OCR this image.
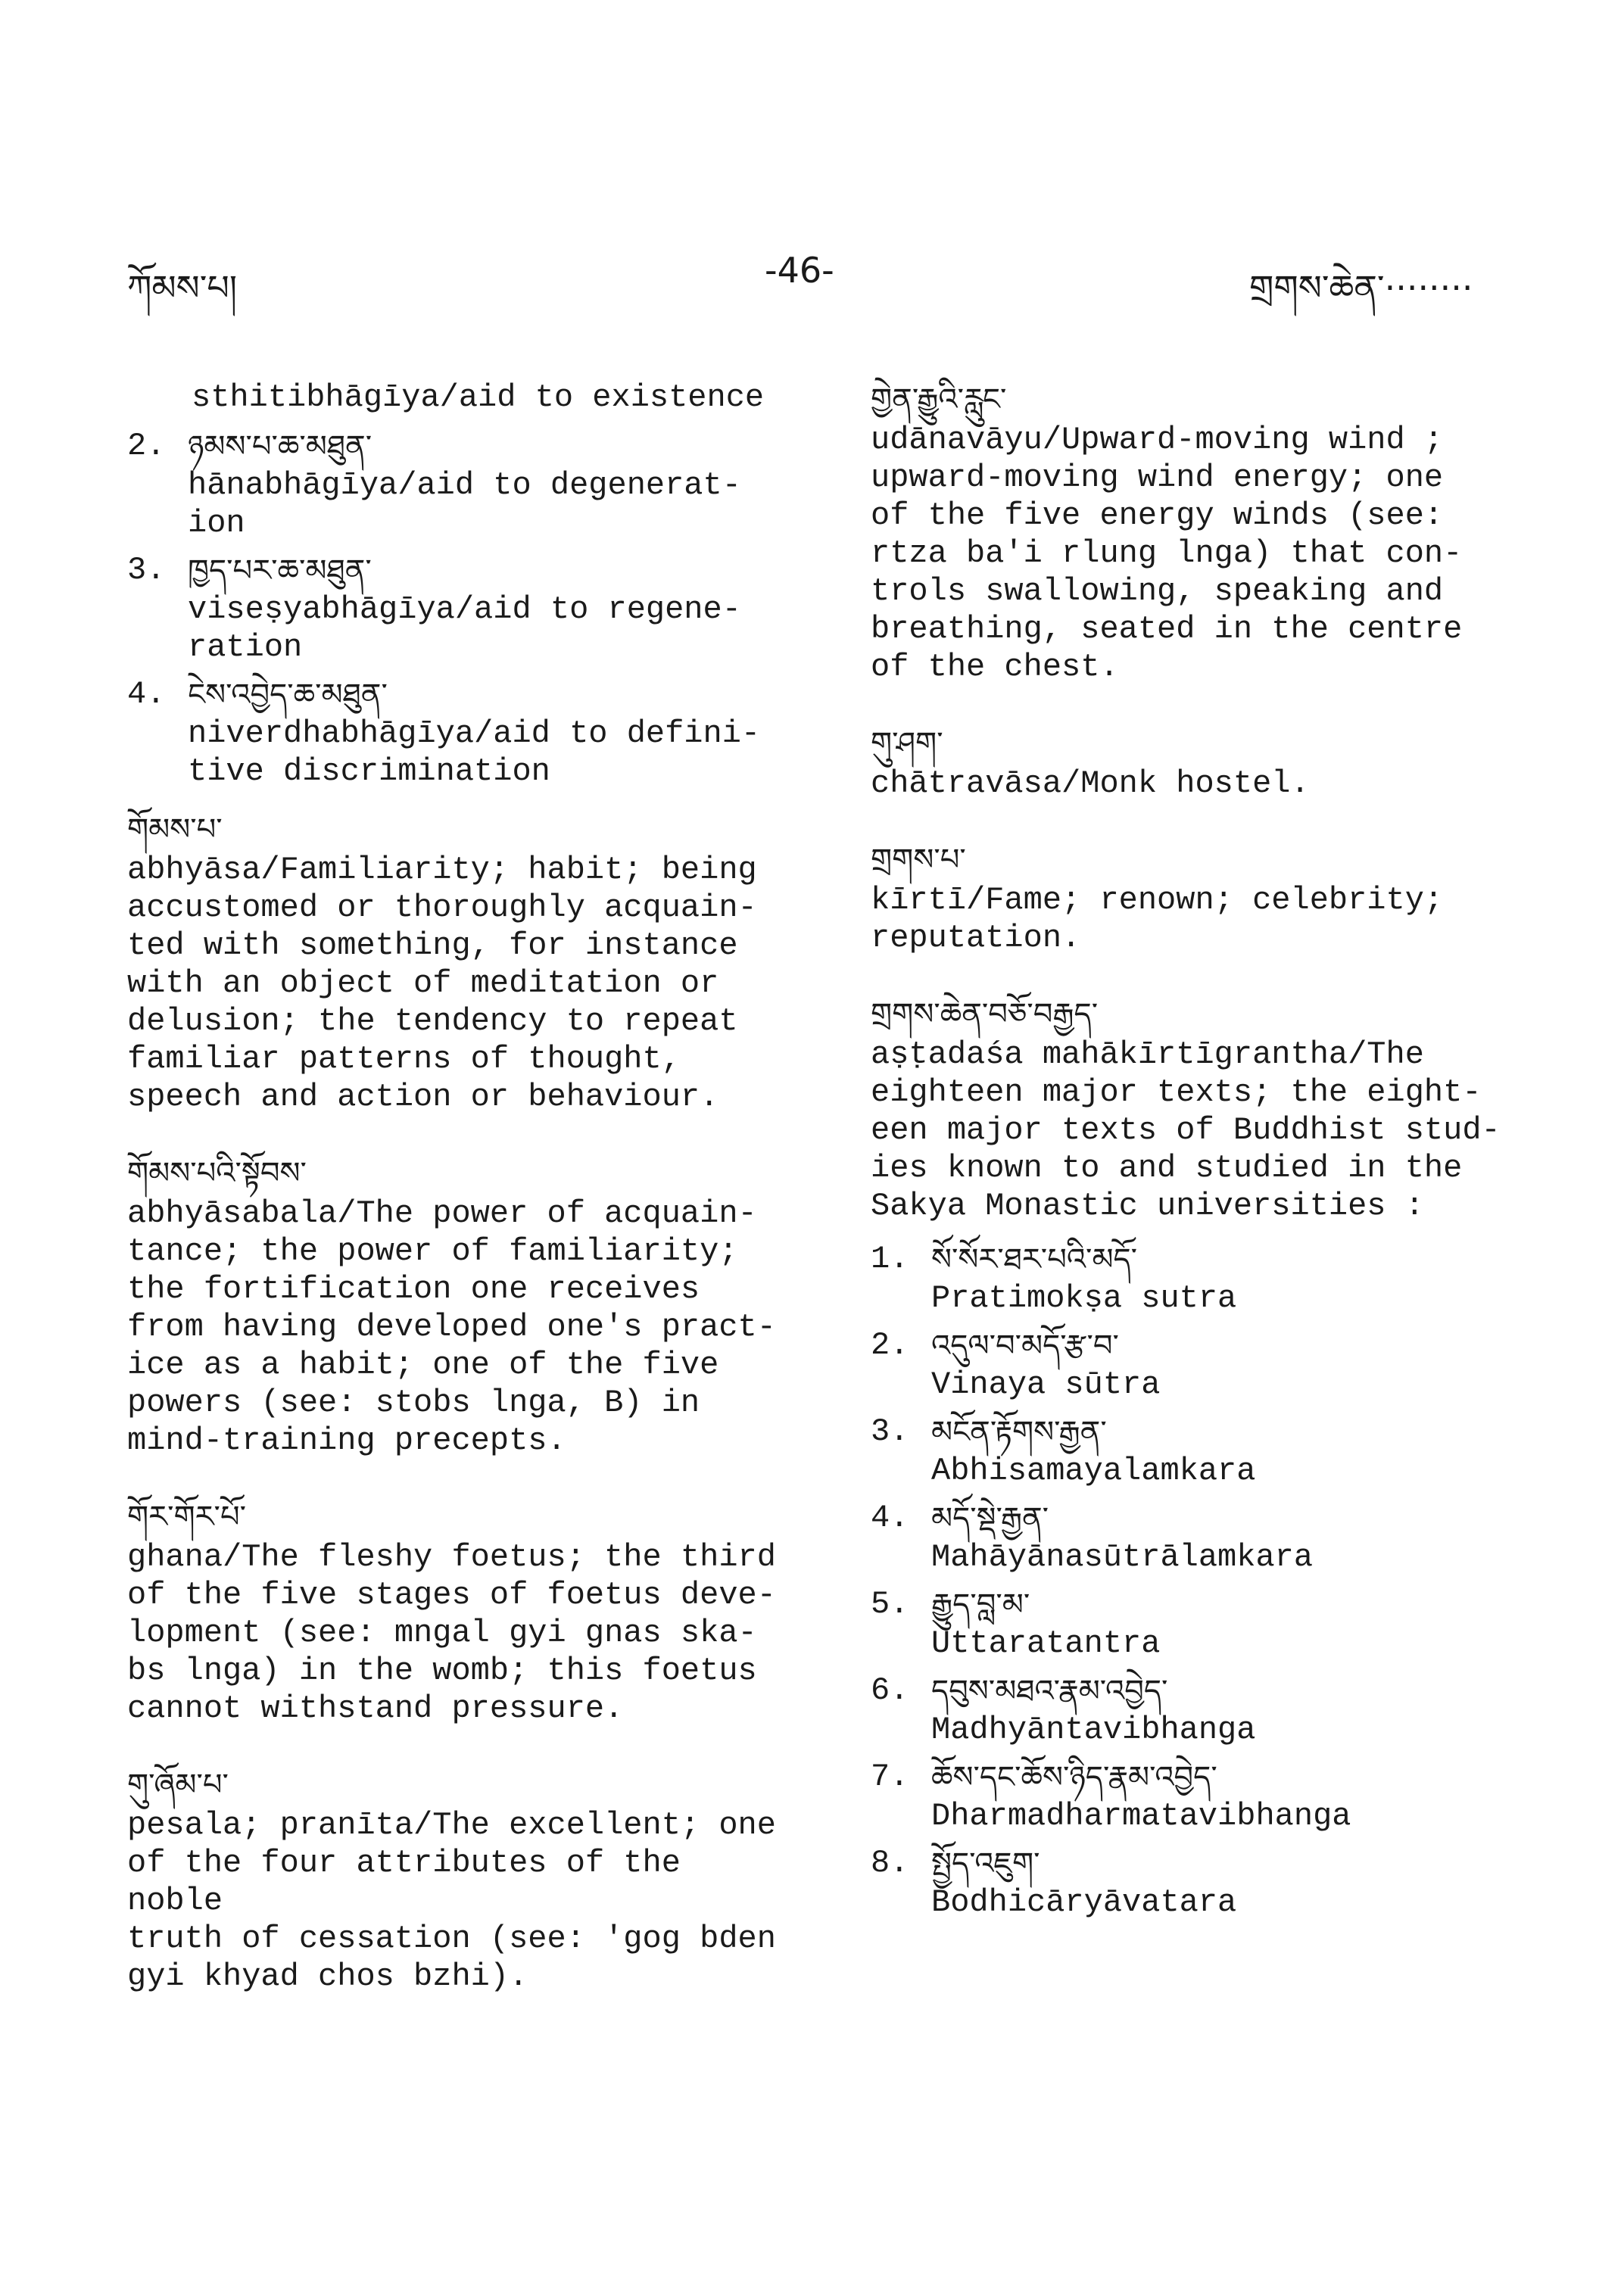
ཀོམས་པ།	-46-	གྲགས་ཆེན་········
sthitibhāgīya/aid to existence
2. ཉམས་པ་ཆ་མཐུན་
hānabhāgīya/aid to degenerat-
ion
3. ཁྱད་པར་ཆ་མཐུན་
viseṣyabhāgīya/aid to regene-
ration
4. ངེས་འབྱེད་ཆ་མཐུན་
niverdhabhāgīya/aid to defini-
tive discrimination
གོམས་པ་
abhyāsa/Familiarity; habit; being
accustomed or thoroughly acquain-
ted with something, for instance
with an object of meditation or
delusion; the tendency to repeat
familiar patterns of thought,
speech and action or behaviour.
གོམས་པའི་སྟོབས་
abhyāsabala/The power of acquain-
tance; the power of familiarity;
the fortification one receives
from having developed one's pract-
ice as a habit; one of the five
powers (see: stobs lnga, B) in
mind-training precepts.
གོར་གོར་པོ་
ghana/The fleshy foetus; the third
of the five stages of foetus deve-
lopment (see: mngal gyi gnas ska-
bs lnga) in the womb; this foetus
cannot withstand pressure.
གུ་ཞོམ་པ་
pesala; pranīta/The excellent; one
of the four attributes of the noble
truth of cessation (see: 'gog bden
gyi khyad chos bzhi).
གྱེན་རྒྱུའི་རླུང་
udānavāyu/Upward-moving wind ;
upward-moving wind energy; one
of the five energy winds (see:
rtza ba'i rlung lnga) that con-
trols swallowing, speaking and
breathing, seated in the centre
of the chest.
གུ་ཤག་
chātravāsa/Monk hostel.
གྲགས་པ་
kīrtī/Fame; renown; celebrity;
reputation.
གྲགས་ཆེན་བཅོ་བརྒྱད་
aṣṭadaśa mahākīrtīgrantha/The
eighteen major texts; the eight-
een major texts of Buddhist stud-
ies known to and studied in the
Sakya Monastic universities :
1. སོ་སོར་ཐར་པའི་མདོ་
Pratimokṣa sutra
2. འདུལ་བ་མདོ་རྩ་བ་
Vinaya sūtra
3. མངོན་རྟོགས་རྒྱན་
Abhisamayalamkara
4. མདོ་སྡེ་རྒྱན་
Mahāyānasūtrālamkara
5. རྒྱུད་བླ་མ་
Uttaratantra
6. དབུས་མཐའ་རྣམ་འབྱེད་
Madhyāntavibhanga
7. ཆོས་དང་ཆོས་ཉིད་རྣམ་འབྱེད་
Dharmadharmatavibhanga
8. སྤྱོད་འཇུག་
Bodhicāryāvatara
